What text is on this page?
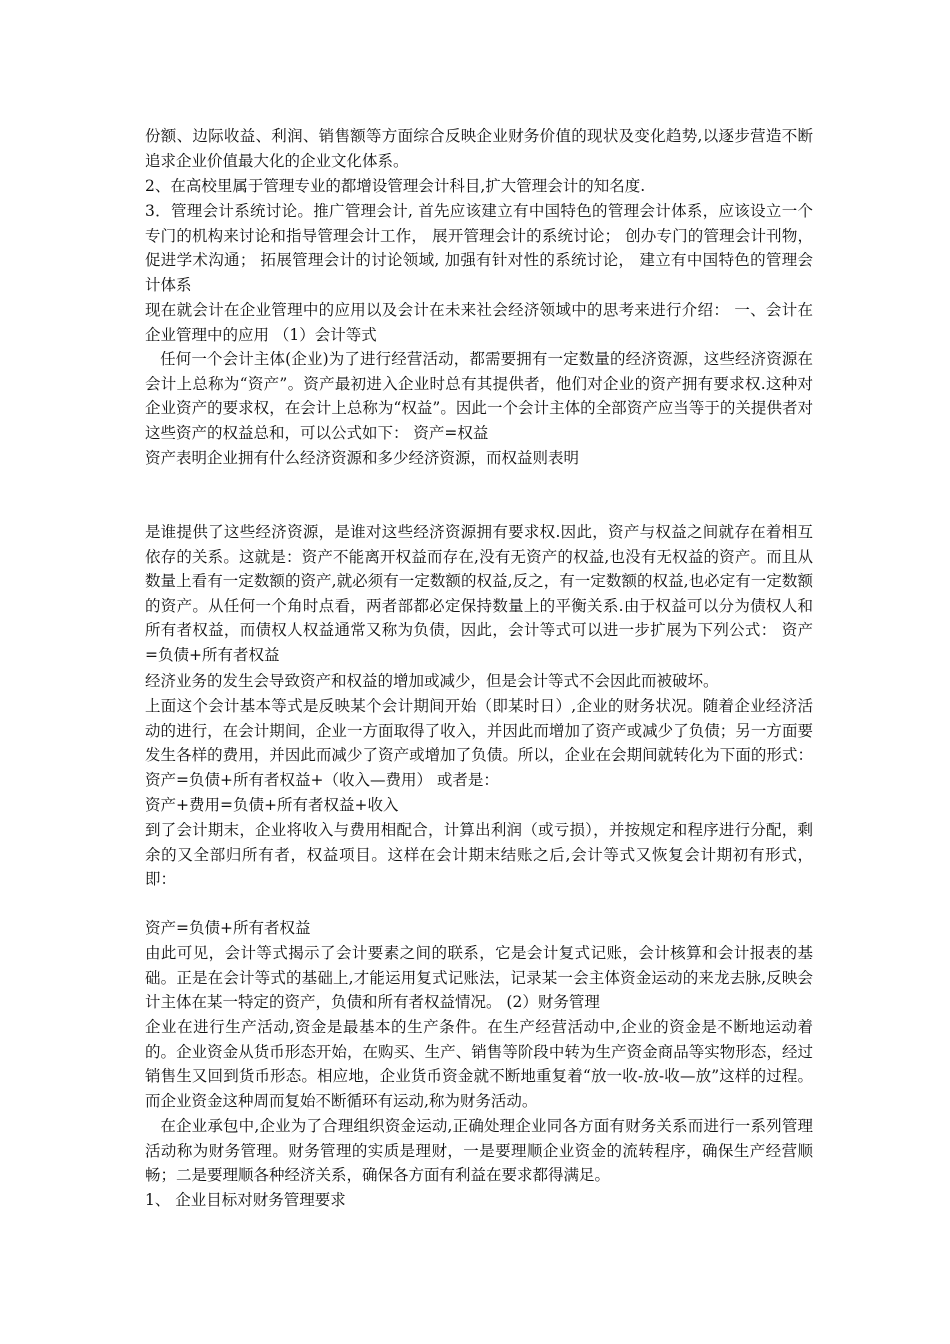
份额、边际收益、利润、销售额等方面综合反映企业财务价值的现状及变化趋势,以逐步营造不断追求企业价值最大化的企业文化体系。

2、在高校里属于管理专业的都增设管理会计科目,扩大管理会计的知名度.

3．管理会计系统讨论。推广管理会计, 首先应该建立有中国特色的管理会计体系，应该设立一个专门的机构来讨论和指导管理会计工作， 展开管理会计的系统讨论； 创办专门的管理会计刊物， 促进学术沟通； 拓展管理会计的讨论领域, 加强有针对性的系统讨论， 建立有中国特色的管理会计体系

现在就会计在企业管理中的应用以及会计在未来社会经济领域中的思考来进行介绍： 一、会计在企业管理中的应用 （1）会计等式

任何一个会计主体(企业)为了进行经营活动，都需要拥有一定数量的经济资源，这些经济资源在会计上总称为“资产”。资产最初进入企业时总有其提供者，他们对企业的资产拥有要求权.这种对企业资产的要求权，在会计上总称为“权益”。因此一个会计主体的全部资产应当等于的关提供者对这些资产的权益总和，可以公式如下： 资产=权益

资产表明企业拥有什么经济资源和多少经济资源，而权益则表明

是谁提供了这些经济资源，是谁对这些经济资源拥有要求权.因此，资产与权益之间就存在着相互依存的关系。这就是：资产不能离开权益而存在,没有无资产的权益,也没有无权益的资产。而且从数量上看有一定数额的资产,就必须有一定数额的权益,反之，有一定数额的权益,也必定有一定数额的资产。从任何一个角时点看，两者部都必定保持数量上的平衡关系.由于权益可以分为债权人和所有者权益，而债权人权益通常又称为负债，因此，会计等式可以进一步扩展为下列公式： 资产=负债+所有者权益

经济业务的发生会导致资产和权益的增加或减少，但是会计等式不会因此而被破坏。

上面这个会计基本等式是反映某个会计期间开始（即某时日）,企业的财务状况。随着企业经济活动的进行，在会计期间，企业一方面取得了收入，并因此而增加了资产或减少了负债；另一方面要发生各样的费用，并因此而减少了资产或增加了负债。所以，企业在会期间就转化为下面的形式： 资产=负债+所有者权益+（收入—费用） 或者是：

资产+费用=负债+所有者权益+收入

到了会计期末，企业将收入与费用相配合，计算出利润（或亏损），并按规定和程序进行分配，剩余的又全部归所有者，权益项目。这样在会计期末结账之后,会计等式又恢复会计期初有形式，即：

资产=负债+所有者权益

由此可见，会计等式揭示了会计要素之间的联系，它是会计复式记账，会计核算和会计报表的基础。正是在会计等式的基础上,才能运用复式记账法，记录某一会主体资金运动的来龙去脉,反映会计主体在某一特定的资产，负债和所有者权益情况。 (2）财务管理

企业在进行生产活动,资金是最基本的生产条件。在生产经营活动中,企业的资金是不断地运动着的。企业资金从货币形态开始，在购买、生产、销售等阶段中转为生产资金商品等实物形态，经过销售生又回到货币形态。相应地，企业货币资金就不断地重复着“放一收-放-收—放”这样的过程。而企业资金这种周而复始不断循环有运动,称为财务活动。

在企业承包中,企业为了合理组织资金运动,正确处理企业同各方面有财务关系而进行一系列管理活动称为财务管理。财务管理的实质是理财，一是要理顺企业资金的流转程序，确保生产经营顺畅；二是要理顺各种经济关系，确保各方面有利益在要求都得满足。

1、 企业目标对财务管理要求
